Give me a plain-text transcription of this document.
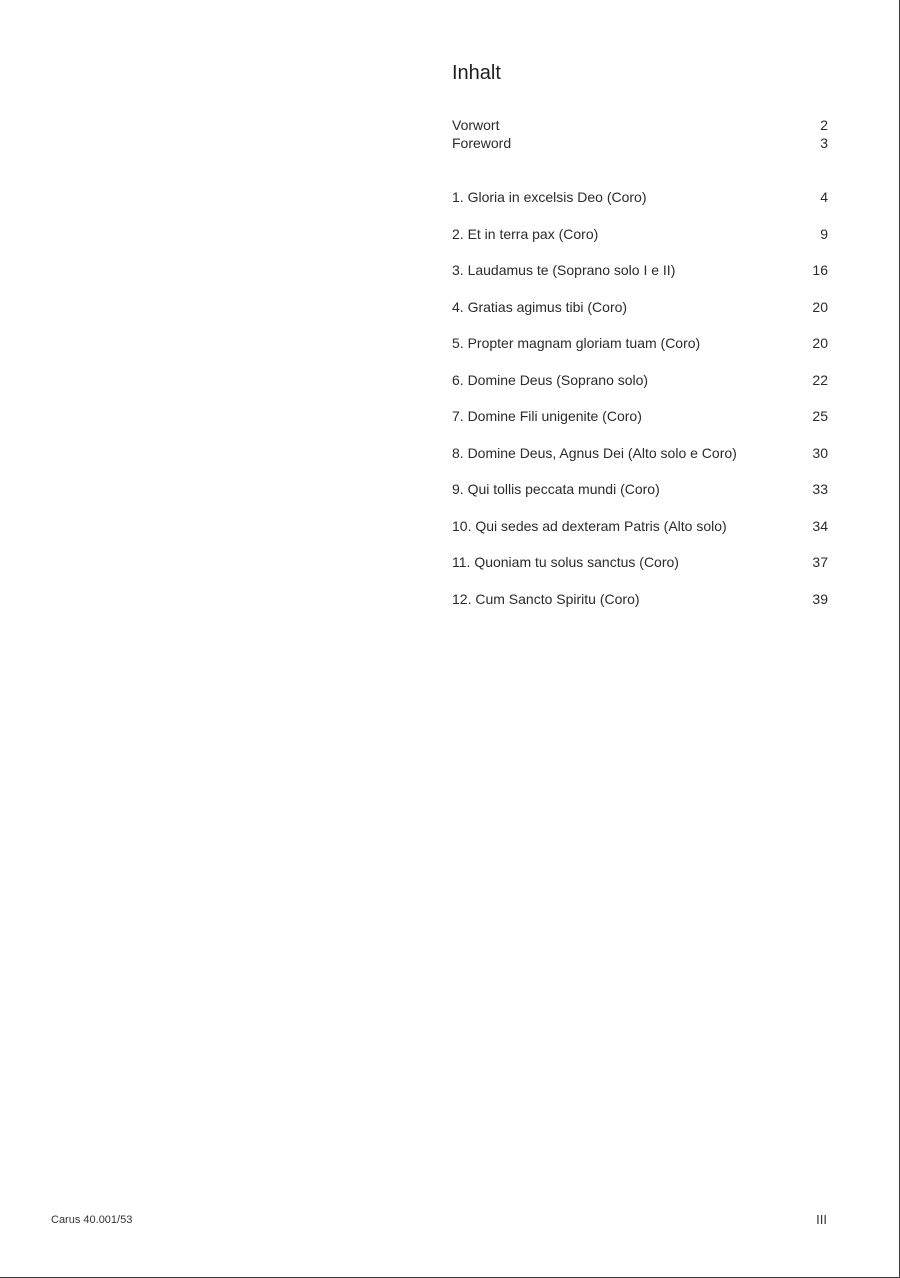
Inhalt
Vorwort	2
Foreword	3
1. Gloria in excelsis Deo (Coro)	4
2. Et in terra pax (Coro)	9
3. Laudamus te (Soprano solo I e II)	16
4. Gratias agimus tibi (Coro)	20
5. Propter magnam gloriam tuam (Coro)	20
6. Domine Deus (Soprano solo)	22
7. Domine Fili unigenite (Coro)	25
8. Domine Deus, Agnus Dei (Alto solo e Coro)	30
9. Qui tollis peccata mundi (Coro)	33
10. Qui sedes ad dexteram Patris (Alto solo)	34
11. Quoniam tu solus sanctus (Coro)	37
12. Cum Sancto Spiritu (Coro)	39
Carus 40.001/53	III
